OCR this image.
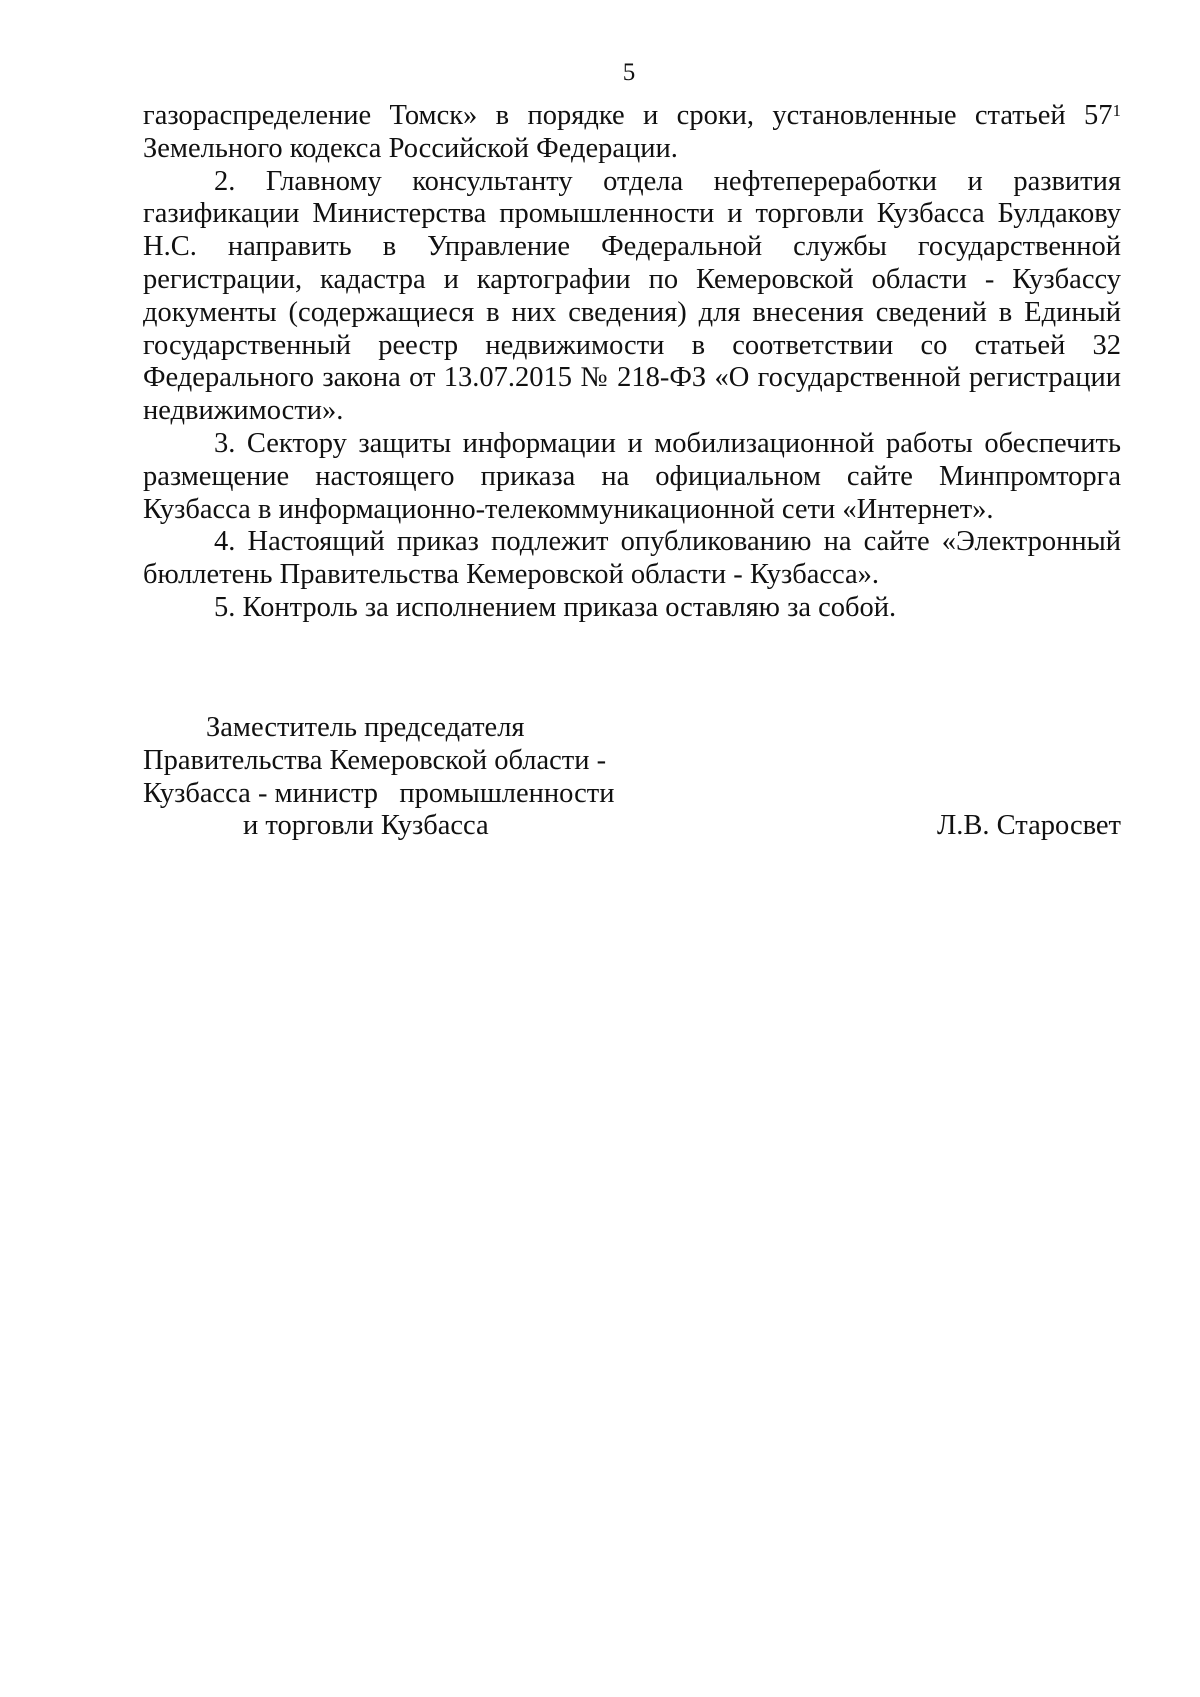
5

газораспределение Томск» в порядке и сроки, установленные статьей $57^1$ Земельного кодекса Российской Федерации.

2. Главному консультанту отдела нефтепереработки и развития газификации Министерства промышленности и торговли Кузбасса Булдакову Н.С. направить в Управление Федеральной службы государственной регистрации, кадастра и картографии по Кемеровской области - Кузбассу документы (содержащиеся в них сведения) для внесения сведений в Единый государственный реестр недвижимости в соответствии со статьей 32 Федерального закона от 13.07.2015 № 218-ФЗ «О государственной регистрации недвижимости».

3. Сектору защиты информации и мобилизационной работы обеспечить размещение настоящего приказа на официальном сайте Минпромторга Кузбасса в информационно-телекоммуникационной сети «Интернет».

4. Настоящий приказ подлежит опубликованию на сайте «Электронный бюллетень Правительства Кемеровской области - Кузбасса».

5. Контроль за исполнением приказа оставляю за собой.

Заместитель председателя
Правительства Кемеровской области -
Кузбасса - министр   промышленности
и торговли Кузбасса	Л.В. Старосвет
